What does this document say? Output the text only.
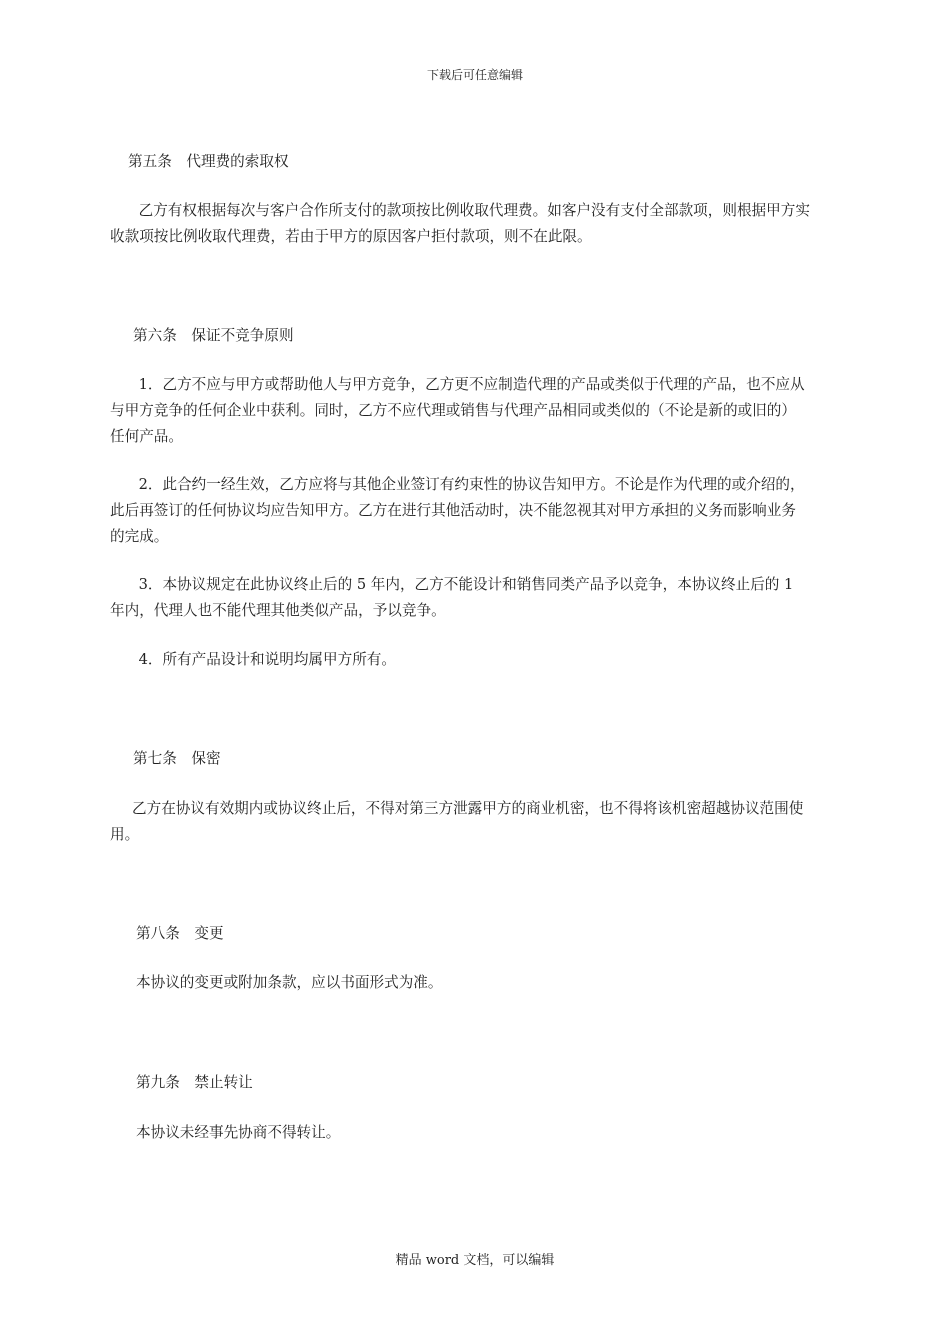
下载后可任意编辑

第五条　代理费的索取权

　乙方有权根据每次与客户合作所支付的款项按比例收取代理费。如客户没有支付全部款项，则根据甲方实收款项按比例收取代理费，若由于甲方的原因客户拒付款项，则不在此限。

第六条　保证不竞争原则

　1．乙方不应与甲方或帮助他人与甲方竞争，乙方更不应制造代理的产品或类似于代理的产品，也不应从与甲方竞争的任何企业中获利。同时，乙方不应代理或销售与代理产品相同或类似的（不论是新的或旧的）任何产品。

　2．此合约一经生效，乙方应将与其他企业签订有约束性的协议告知甲方。不论是作为代理的或介绍的，此后再签订的任何协议均应告知甲方。乙方在进行其他活动时，决不能忽视其对甲方承担的义务而影响业务的完成。

　3．本协议规定在此协议终止后的 5 年内，乙方不能设计和销售同类产品予以竞争，本协议终止后的 1 年内，代理人也不能代理其他类似产品，予以竞争。

　4．所有产品设计和说明均属甲方所有。

第七条　保密

乙方在协议有效期内或协议终止后，不得对第三方泄露甲方的商业机密，也不得将该机密超越协议范围使用。

第八条　变更

本协议的变更或附加条款，应以书面形式为准。

第九条　禁止转让

本协议未经事先协商不得转让。

精品 word 文档，可以编辑
